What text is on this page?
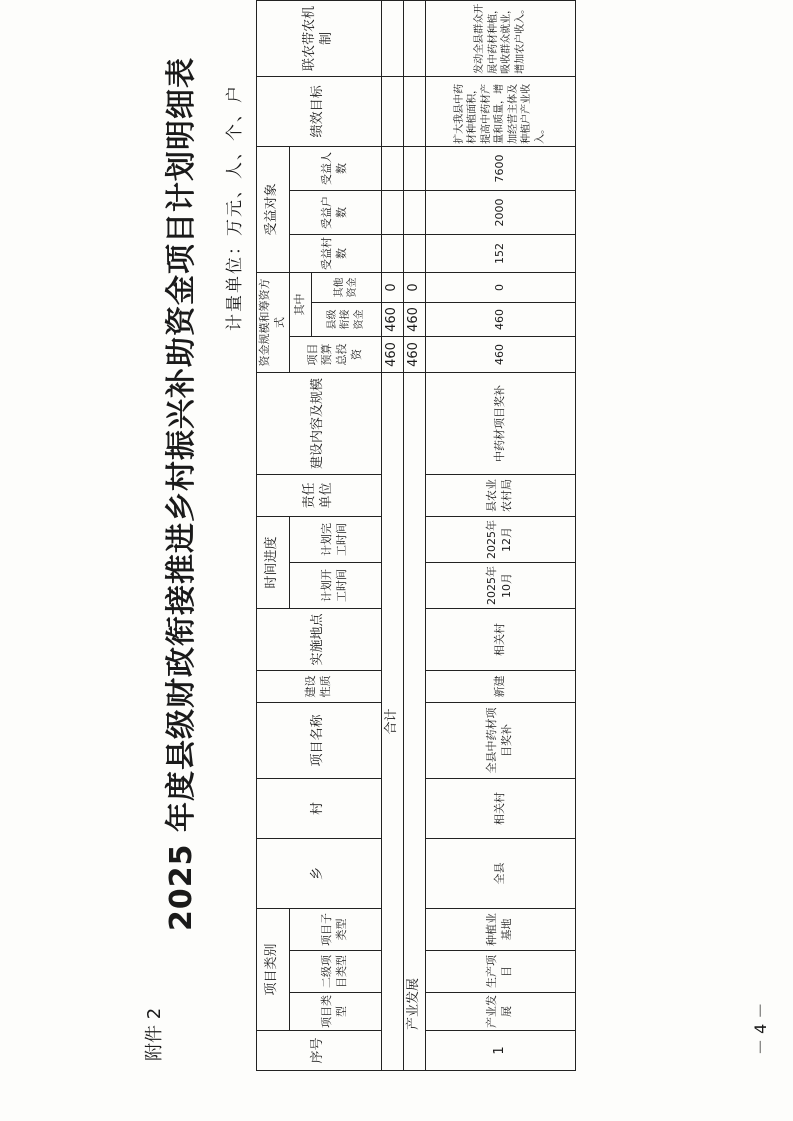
附件 2
2025 年度县级财政衔接推进乡村振兴补助资金项目计划明细表 计量单位：万元、人、个、户
序号	项目类别			乡	村	项目名称	建设性质	实施地点	时间进度		责任单位	建设内容及规模	资金规模和筹资方式			受益对象			绩效目标	联农带农机制	
	项目类型	二级项目类型	项目子类型						计划开工时间	计划完工时间			项目预算总投资	其中		受益村数	受益户数	受益人数			
														县级衔接资金	其他资金						
合计													460	460	0						
产业发展													460	460	0						
1	产业发展	生产项目	种植业基地	全县	相关村	全县中药材项目奖补	新建	相关村	2025年10月	2025年12月	县农业农村局	中药材项目奖补	460	460	0	152	2000	7600	扩大我县中药材种植面积，提高中药材产量和质量，增加经营主体及种植户产业收入。	发动全县群众开展中药材种植，吸收群众就业，增加农户收入。	
－ 4 －
